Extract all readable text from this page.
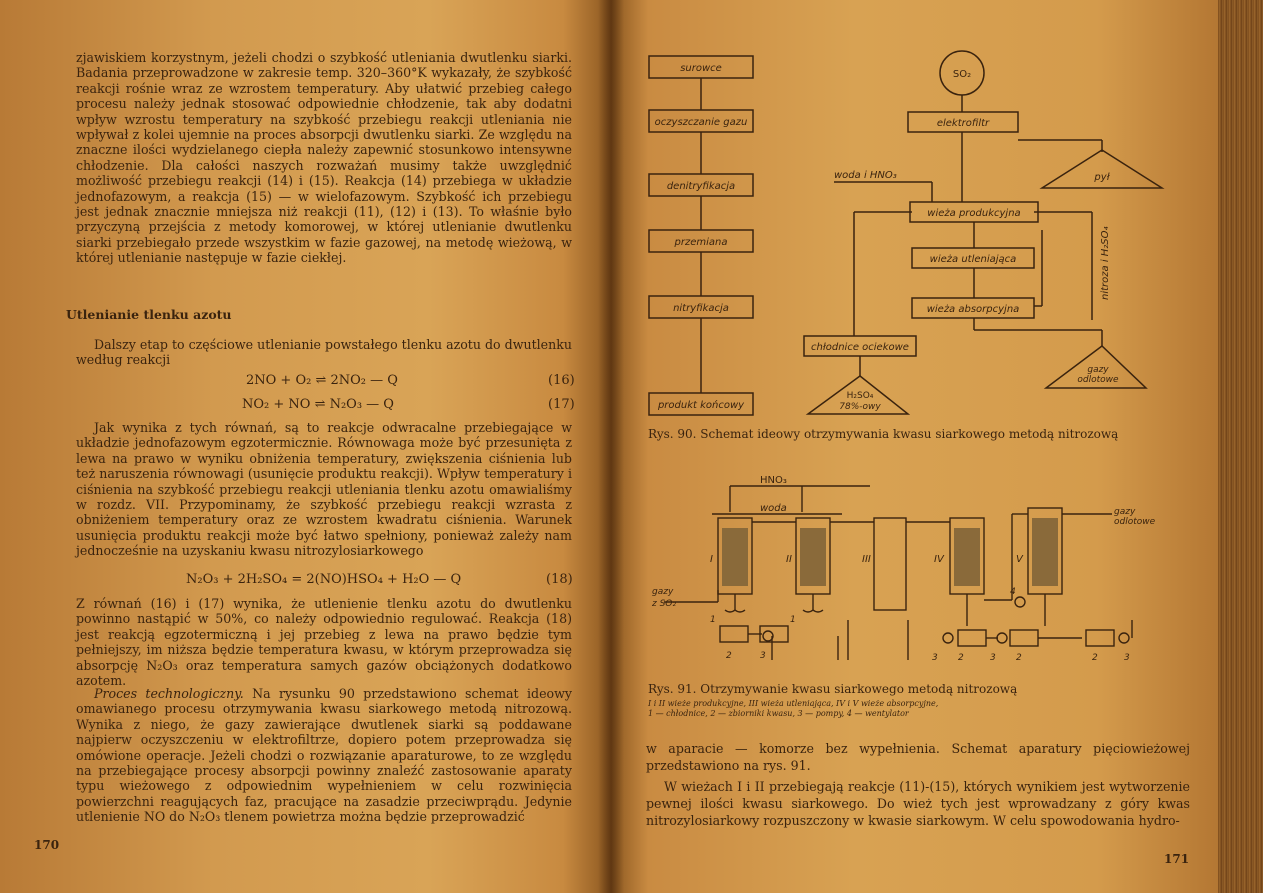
zjawiskiem korzystnym, jeżeli chodzi o szybkość utleniania dwutlenku siarki. Badania przeprowadzone w zakresie temp. 320–360°K wykazały, że szybkość reakcji rośnie wraz ze wzrostem temperatury. Aby ułatwić przebieg całego procesu należy jednak stosować odpowiednie chłodzenie, tak aby dodatni wpływ wzrostu temperatury na szybkość przebiegu reakcji utleniania nie wpływał z kolei ujemnie na proces absorpcji dwutlenku siarki. Ze względu na znaczne ilości wydzielanego ciepła należy zapewnić stosunkowo intensywne chłodzenie. Dla całości naszych rozważań musimy także uwzględnić możliwość przebiegu reakcji (14) i (15). Reakcja (14) przebiega w układzie jednofazowym, a reakcja (15) — w wielofazowym. Szybkość ich przebiegu jest jednak znacznie mniejsza niż reakcji (11), (12) i (13). To właśnie było przyczyną przejścia z metody komorowej, w której utlenianie dwutlenku siarki przebiegało przede wszystkim w fazie gazowej, na metodę wieżową, w której utlenianie następuje w fazie ciekłej.

Utlenianie tlenku azotu

Dalszy etap to częściowe utlenianie powstałego tlenku azotu do dwutlenku według reakcji

2NO + O₂ ⇌ 2NO₂ — Q	(16)
NO₂ + NO ⇌ N₂O₃ — Q	(17)

Jak wynika z tych równań, są to reakcje odwracalne przebiegające w układzie jednofazowym egzotermicznie. Równowaga może być przesunięta z lewa na prawo w wyniku obniżenia temperatury, zwiększenia ciśnienia lub też naruszenia równowagi (usunięcie produktu reakcji). Wpływ temperatury i ciśnienia na szybkość przebiegu reakcji utleniania tlenku azotu omawialiśmy w rozdz. VII. Przypominamy, że szybkość przebiegu reakcji wzrasta z obniżeniem temperatury oraz ze wzrostem kwadratu ciśnienia. Warunek usunięcia produktu reakcji może być łatwo spełniony, ponieważ zależy nam jednocześnie na uzyskaniu kwasu nitrozylosiarkowego

N₂O₃ + 2H₂SO₄ = 2(NO)HSO₄ + H₂O — Q	(18)

Z równań (16) i (17) wynika, że utlenienie tlenku azotu do dwutlenku powinno nastąpić w 50%, co należy odpowiednio regulować. Reakcja (18) jest reakcją egzotermiczną i jej przebieg z lewa na prawo będzie tym pełniejszy, im niższa będzie temperatura kwasu, w którym przeprowadza się absorpcję N₂O₃ oraz temperatura samych gazów obciążonych dodatkowo azotem.

Proces technologiczny. Na rysunku 90 przedstawiono schemat ideowy omawianego procesu otrzymywania kwasu siarkowego metodą nitrozową. Wynika z niego, że gazy zawierające dwutlenek siarki są poddawane najpierw oczyszczeniu w elektrofiltrze, dopiero potem przeprowadza się omówione operacje. Jeżeli chodzi o rozwiązanie aparaturowe, to ze względu na przebiegające procesy absorpcji powinny znaleźć zastosowanie aparaty typu wieżowego z odpowiednim wypełnieniem w celu rozwinięcia powierzchni reagujących faz, pracujące na zasadzie przeciwprądu. Jedynie utlenienie NO do N₂O₃ tlenem powietrza można będzie przeprowadzić

170
surowce
oczyszczanie gazu
denitryfikacja
przemiana
nitryfikacja
produkt końcowy
SO₂
elektrofiltr
pył
woda i HNO₃
wieża produkcyjna
wieża utleniająca
wieża absorpcyjna
nitroza i H₂SO₄
chłodnice ociekowe
H₂SO₄
78%-owy
gazy
odlotowe
Rys. 90. Schemat ideowy otrzymywania kwasu siarkowego metodą nitrozową
HNO₃
woda	gazy
odlotowe
gazy
z SO₂
I	II	III	IV	V
1	1
2	3	3 2	3 2	2	3
4
Rys. 91. Otrzymywanie kwasu siarkowego metodą nitrozową
I i II wieże produkcyjne, III wieża utleniająca, IV i V wieże absorpcyjne,
1 — chłodnice, 2 — zbiorniki kwasu, 3 — pompy, 4 — wentylator

w aparacie — komorze bez wypełnienia. Schemat aparatury pięciowieżowej przedstawiono na rys. 91.

W wieżach I i II przebiegają reakcje (11)-(15), których wynikiem jest wytworzenie pewnej ilości kwasu siarkowego. Do wież tych jest wprowadzany z góry kwas nitrozylosiarkowy rozpuszczony w kwasie siarkowym. W celu spowodowania hydro-

171
